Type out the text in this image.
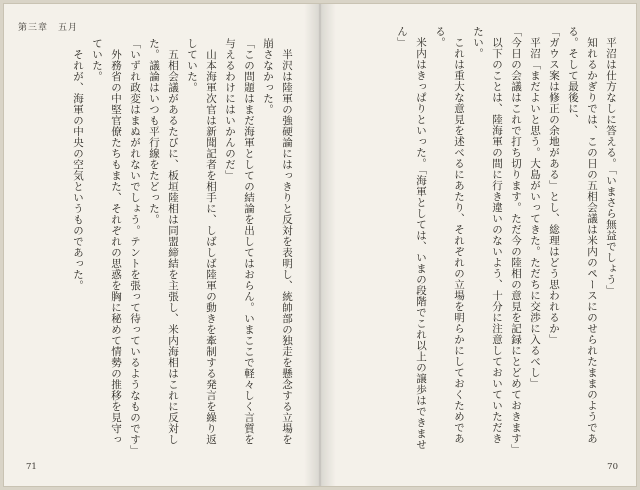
第三章　五月

半沢は陸軍の強硬論にはっきりと反対を表明し、統帥部の独走を懸念する立場を崩さなかった。

「この問題はまだ海軍としての結論を出してはおらん。いまここで軽々しく言質を与えるわけにはいかんのだ」

山本海軍次官は新聞記者を相手に、しばしば陸軍の動きを牽制する発言を繰り返していた。

五相会議があるたびに、板垣陸相は同盟締結を主張し、米内海相はこれに反対した。議論はいつも平行線をたどった。

「いずれ政変はまぬがれないでしょう。テントを張って待っているようなものです」

外務省の中堅官僚たちもまた、それぞれの思惑を胸に秘めて情勢の推移を見守っていた。

それが、海軍の中央の空気というものであった。

71

平沼は仕方なしに答える。「いまさら無益でしょう」

知れるかぎりでは、この日の五相会議は米内のペースにのせられたままのようである。そして最後に、

「ガウス案は修正の余地がある」とし、総理はどう思われるか」

平沼「まだよいと思う。大島がいってきた。ただちに交渉に入るべし」

「今日の会議はこれで打ち切ります。ただ今の陸相の意見を記録にとどめておきます」

以下のことは、陸海軍の間に行き違いのないよう、十分に注意しておいていただきたい。

これは重大な意見を述べるにあたり、それぞれの立場を明らかにしておくためである。

米内はきっぱりといった。「海軍としては、いまの段階でこれ以上の譲歩はできません」

70
